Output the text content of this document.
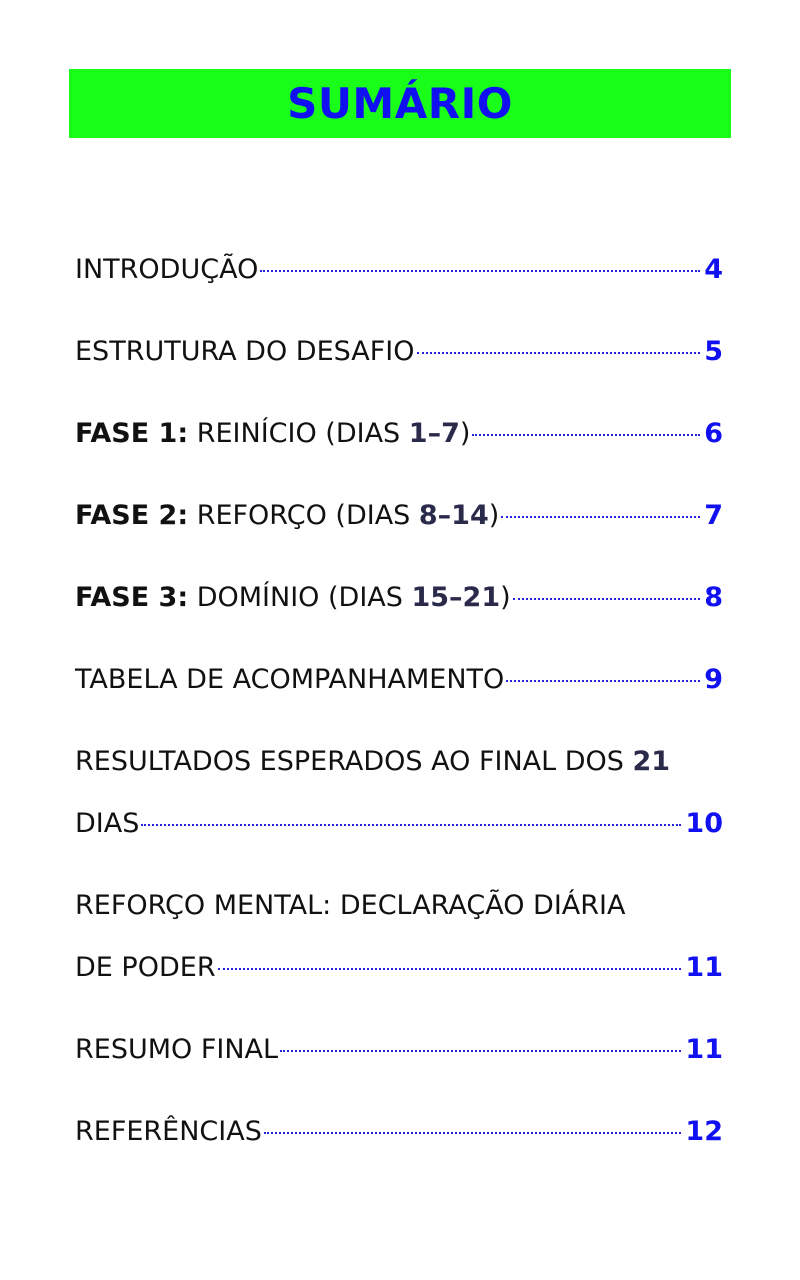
SUMÁRIO
INTRODUÇÃO	4
ESTRUTURA DO DESAFIO	5
FASE 1: REINÍCIO (DIAS 1–7)	6
FASE 2: REFORÇO (DIAS 8–14)	7
FASE 3: DOMÍNIO (DIAS 15–21)	8
TABELA DE ACOMPANHAMENTO	9
RESULTADOS ESPERADOS AO FINAL DOS 21
DIAS	10
REFORÇO MENTAL: DECLARAÇÃO DIÁRIA
DE PODER	11
RESUMO FINAL	11
REFERÊNCIAS	12
